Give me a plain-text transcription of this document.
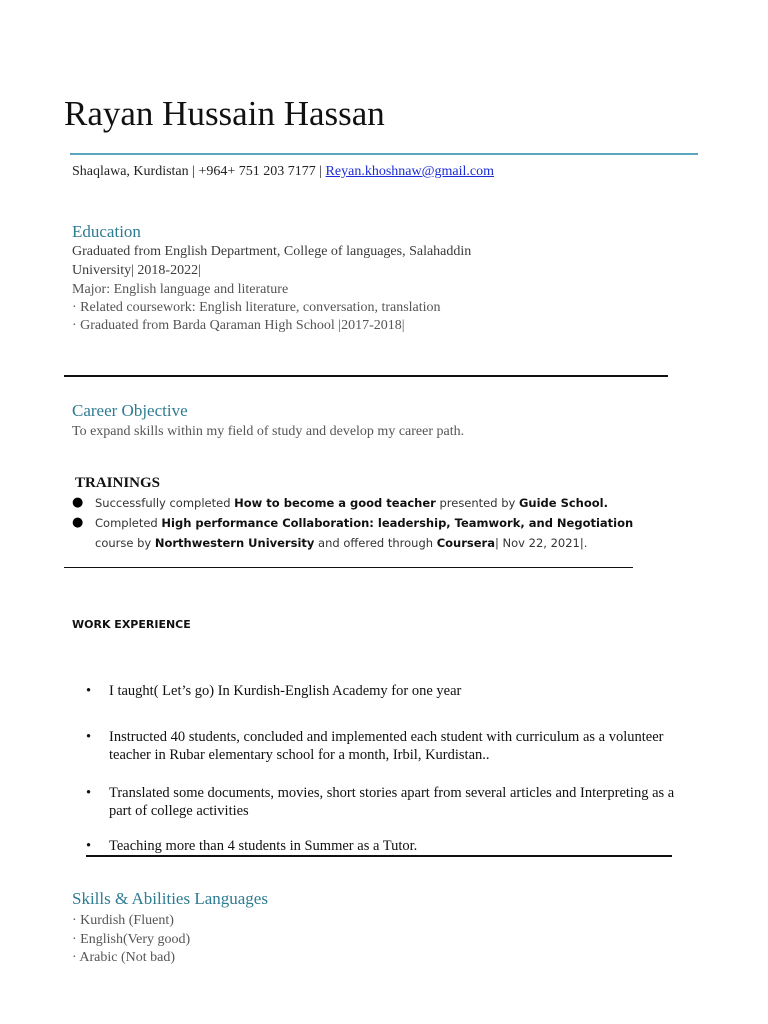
Rayan Hussain Hassan
Shaqlawa, Kurdistan | +964+ 751 203 7177 | Reyan.khoshnaw@gmail.com
Education
Graduated from English Department, College of languages, Salahaddin
University| 2018-2022|
Major: English language and literature
· Related coursework: English literature, conversation, translation
· Graduated from Barda Qaraman High School |2017-2018|
Career Objective
To expand skills within my field of study and develop my career path.
TRAININGS
● Successfully completed How to become a good teacher presented by Guide School.
● Completed High performance Collaboration: leadership, Teamwork, and Negotiation course by Northwestern University and offered through Coursera| Nov 22, 2021|.
WORK EXPERIENCE
• I taught( Let’s go) In Kurdish-English Academy for one year
• Instructed 40 students, concluded and implemented each student with curriculum as a volunteer teacher in Rubar elementary school for a month, Irbil, Kurdistan..
• Translated some documents, movies, short stories apart from several articles and Interpreting as a part of college activities
• Teaching more than 4 students in Summer as a Tutor.
Skills & Abilities Languages
· Kurdish (Fluent)
· English(Very good)
· Arabic (Not bad)
